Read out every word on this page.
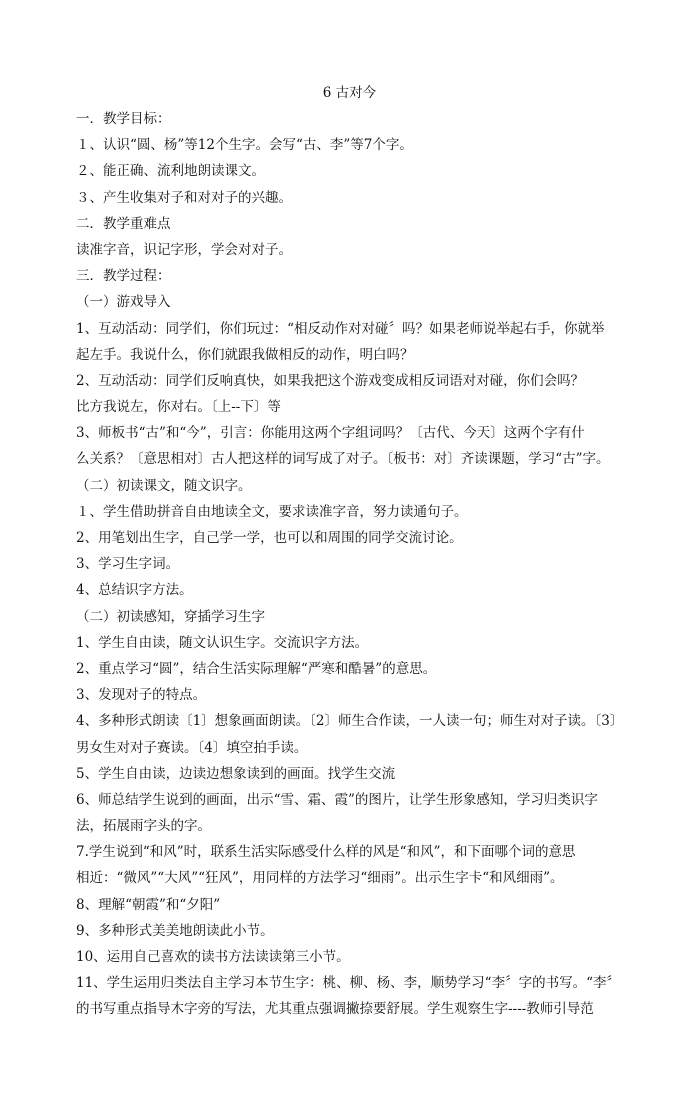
6 古对今
一．教学目标：
１、认识“圆、杨”等12个生字。会写“古、李”等7个字。
２、能正确、流利地朗读课文。
３、产生收集对子和对对子的兴趣。
二．教学重难点
读准字音，识记字形，学会对对子。
三．教学过程：
（一）游戏导入
1、互动活动：同学们，你们玩过：“相反动作对对碰〞吗？如果老师说举起右手，你就举
起左手。我说什么，你们就跟我做相反的动作，明白吗？
2、互动活动：同学们反响真快，如果我把这个游戏变成相反词语对对碰，你们会吗？
比方我说左，你对右。〔上--下〕等
3、师板书“古”和“今”，引言：你能用这两个字组词吗？〔古代、今天〕这两个字有什
么关系？〔意思相对〕古人把这样的词写成了对子。〔板书：对〕齐读课题，学习“古”字。
（二）初读课文，随文识字。
１、学生借助拼音自由地读全文，要求读准字音，努力读通句子。
2、用笔划出生字，自己学一学，也可以和周围的同学交流讨论。
3、学习生字词。
4、总结识字方法。
（二）初读感知，穿插学习生字
1、学生自由读，随文认识生字。交流识字方法。
2、重点学习“圆”，结合生活实际理解“严寒和酷暑”的意思。
3、发现对子的特点。
4、多种形式朗读〔1〕想象画面朗读。〔2〕师生合作读，一人读一句；师生对对子读。〔3〕
男女生对对子赛读。〔4〕填空拍手读。
5、学生自由读，边读边想象读到的画面。找学生交流
6、师总结学生说到的画面，出示“雪、霜、霞”的图片，让学生形象感知，学习归类识字
法，拓展雨字头的字。
7.学生说到“和风”时，联系生活实际感受什么样的风是“和风”，和下面哪个词的意思
相近：“微风”“大风”“狂风”，用同样的方法学习“细雨”。出示生字卡“和风细雨”。
8、理解“朝霞”和“夕阳”
9、多种形式美美地朗读此小节。
10、运用自己喜欢的读书方法读读第三小节。
11、学生运用归类法自主学习本节生字：桃、柳、杨、李，顺势学习“李〞字的书写。“李〞
的书写重点指导木字旁的写法，尤其重点强调撇捺要舒展。学生观察生字----教师引导范
